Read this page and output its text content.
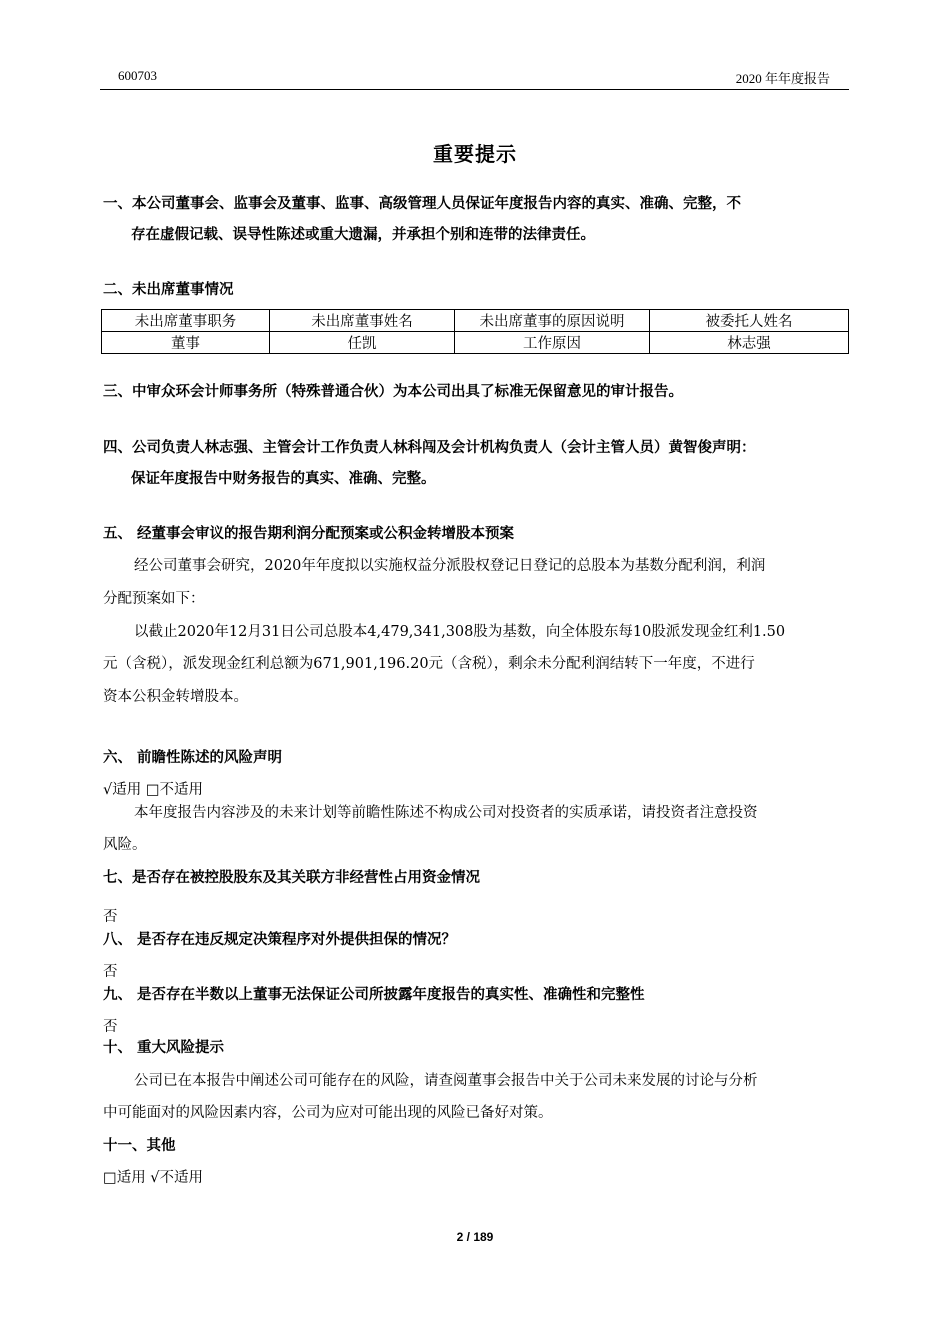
600703	2020 年年度报告
重要提示
一、本公司董事会、监事会及董事、监事、高级管理人员保证年度报告内容的真实、准确、完整，不
存在虚假记载、误导性陈述或重大遗漏，并承担个别和连带的法律责任。
二、未出席董事情况
未出席董事职务	未出席董事姓名	未出席董事的原因说明	被委托人姓名
董事	任凯	工作原因	林志强
三、中审众环会计师事务所（特殊普通合伙）为本公司出具了标准无保留意见的审计报告。
四、公司负责人林志强、主管会计工作负责人林科闯及会计机构负责人（会计主管人员）黄智俊声明：
保证年度报告中财务报告的真实、准确、完整。
五、 经董事会审议的报告期利润分配预案或公积金转增股本预案
经公司董事会研究，2020年年度拟以实施权益分派股权登记日登记的总股本为基数分配利润，利润
分配预案如下：
以截止2020年12月31日公司总股本4,479,341,308股为基数，向全体股东每10股派发现金红利1.50
元（含税），派发现金红利总额为671,901,196.20元（含税），剩余未分配利润结转下一年度，不进行
资本公积金转增股本。
六、 前瞻性陈述的风险声明
√适用 □不适用
本年度报告内容涉及的未来计划等前瞻性陈述不构成公司对投资者的实质承诺，请投资者注意投资
风险。
七、是否存在被控股股东及其关联方非经营性占用资金情况
否
八、 是否存在违反规定决策程序对外提供担保的情况？
否
九、 是否存在半数以上董事无法保证公司所披露年度报告的真实性、准确性和完整性
否
十、 重大风险提示
公司已在本报告中阐述公司可能存在的风险，请查阅董事会报告中关于公司未来发展的讨论与分析
中可能面对的风险因素内容，公司为应对可能出现的风险已备好对策。
十一、其他
□适用 √不适用
2 / 189
